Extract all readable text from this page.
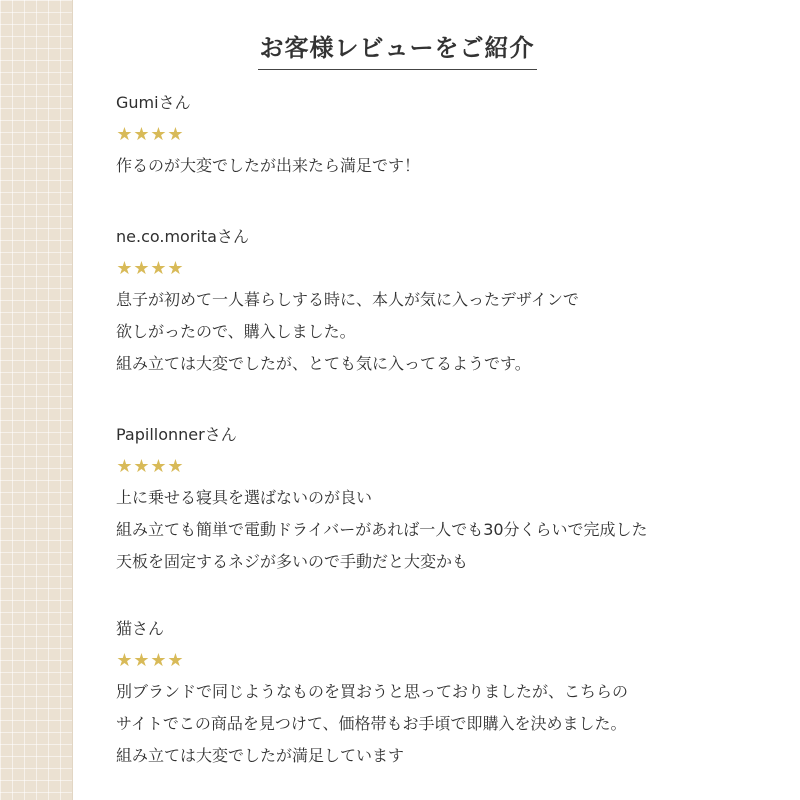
お客様レビューをご紹介
Gumiさん
★★★★
作るのが大変でしたが出来たら満足です！
ne.co.moritaさん
★★★★
息子が初めて一人暮らしする時に、本人が気に入ったデザインで
欲しがったので、購入しました。
組み立ては大変でしたが、とても気に入ってるようです。
Papillonnerさん
★★★★
上に乗せる寝具を選ばないのが良い
組み立ても簡単で電動ドライバーがあれば一人でも30分くらいで完成した
天板を固定するネジが多いので手動だと大変かも
猫さん
★★★★
別ブランドで同じようなものを買おうと思っておりましたが、こちらの
サイトでこの商品を見つけて、価格帯もお手頃で即購入を決めました。
組み立ては大変でしたが満足しています
